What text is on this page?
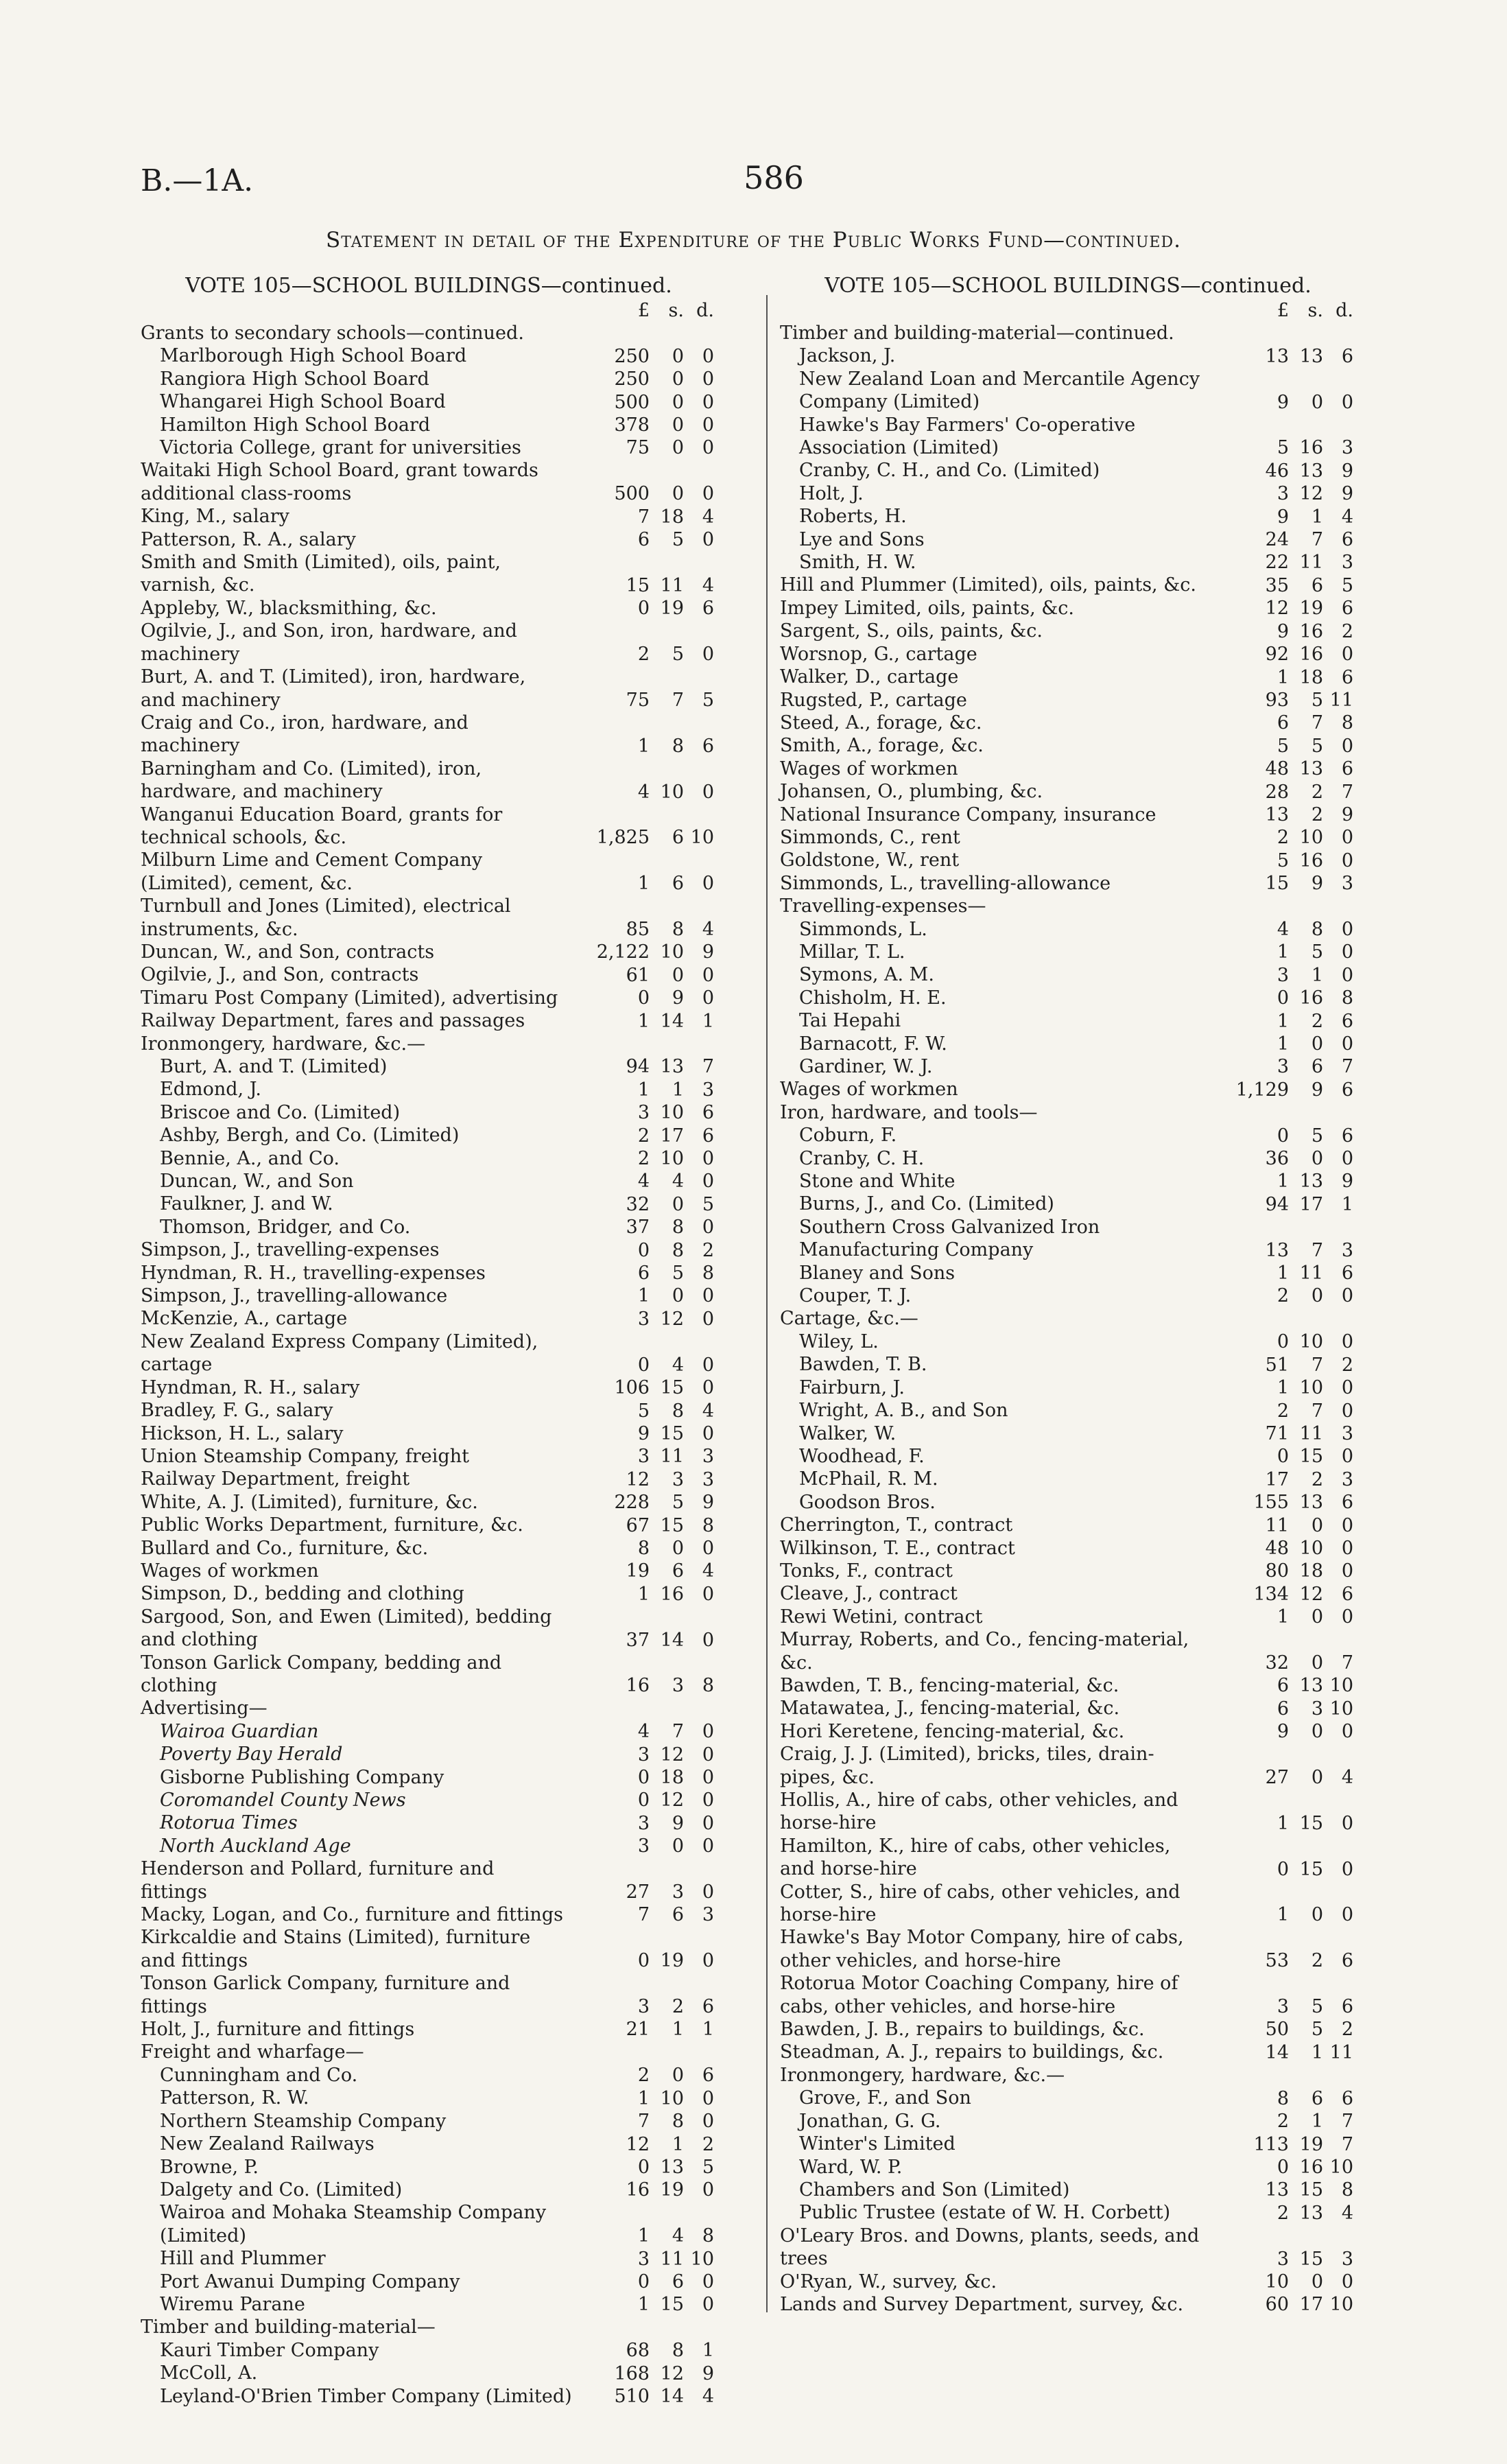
B.—1A.	586
Statement in detail of the Expenditure of the Public Works Fund—continued.
VOTE 105—SCHOOL BUILDINGS—continued.
£	s. d.
Grants to secondary schools—continued.
Marlborough High School Board	250	0 0
Rangiora High School Board	250	0 0
Whangarei High School Board	500	0 0
Hamilton High School Board	378	0 0
Victoria College, grant for universities	75	0 0
Waitaki High School Board, grant towards additional class-rooms	500	0 0
King, M., salary	7 18 4
Patterson, R. A., salary	6	5 0
Smith and Smith (Limited), oils, paint, varnish, &c.	15 11 4
Appleby, W., blacksmithing, &c.	0 19 6
Ogilvie, J., and Son, iron, hardware, and machinery	2	5 0
Burt, A. and T. (Limited), iron, hardware, and machinery	75	7 5
Craig and Co., iron, hardware, and machinery	1	8 6
Barningham and Co. (Limited), iron, hardware, and machinery	4 10 0
Wanganui Education Board, grants for technical schools, &c.	1,825	6 10
Milburn Lime and Cement Company (Limited), cement, &c.	1	6 0
Turnbull and Jones (Limited), electrical instruments, &c.	85	8 4
Duncan, W., and Son, contracts	2,122 10 9
Ogilvie, J., and Son, contracts	61	0 0
Timaru Post Company (Limited), advertising	0	9 0
Railway Department, fares and passages	1 14 1
Ironmongery, hardware, &c.—
Burt, A. and T. (Limited)	94 13 7
Edmond, J.	1	1 3
Briscoe and Co. (Limited)	3 10 6
Ashby, Bergh, and Co. (Limited)	2 17 6
Bennie, A., and Co.	2 10 0
Duncan, W., and Son	4	4 0
Faulkner, J. and W.	32	0 5
Thomson, Bridger, and Co.	37	8 0
Simpson, J., travelling-expenses	0	8 2
Hyndman, R. H., travelling-expenses	6	5 8
Simpson, J., travelling-allowance	1	0 0
McKenzie, A., cartage	3 12 0
New Zealand Express Company (Limited), cartage	0	4 0
Hyndman, R. H., salary	106 15 0
Bradley, F. G., salary	5	8 4
Hickson, H. L., salary	9 15 0
Union Steamship Company, freight	3 11 3
Railway Department, freight	12	3 3
White, A. J. (Limited), furniture, &c.	228	5 9
Public Works Department, furniture, &c.	67 15 8
Bullard and Co., furniture, &c.	8	0 0
Wages of workmen	19	6 4
Simpson, D., bedding and clothing	1 16 0
Sargood, Son, and Ewen (Limited), bedding and clothing	37 14 0
Tonson Garlick Company, bedding and clothing	16	3 8
Advertising—
Wairoa Guardian	4	7 0
Poverty Bay Herald	3 12 0
Gisborne Publishing Company	0 18 0
Coromandel County News	0 12 0
Rotorua Times	3	9 0
North Auckland Age	3	0 0
Henderson and Pollard, furniture and fittings	27	3 0
Macky, Logan, and Co., furniture and fittings	7	6 3
Kirkcaldie and Stains (Limited), furniture and fittings	0 19 0
Tonson Garlick Company, furniture and fittings	3	2 6
Holt, J., furniture and fittings	21	1 1
Freight and wharfage—
Cunningham and Co.	2	0 6
Patterson, R. W.	1 10 0
Northern Steamship Company	7	8 0
New Zealand Railways	12	1 2
Browne, P.	0 13 5
Dalgety and Co. (Limited)	16 19 0
Wairoa and Mohaka Steamship Company (Limited)	1	4 8
Hill and Plummer	3 11 10
Port Awanui Dumping Company	0	6 0
Wiremu Parane	1 15 0
Timber and building-material—
Kauri Timber Company	68	8 1
McColl, A.	168 12 9
Leyland-O'Brien Timber Company (Limited)	510 14 4
VOTE 105—SCHOOL BUILDINGS—continued.
£	s. d.
Timber and building-material—continued.
Jackson, J.	13 13 6
New Zealand Loan and Mercantile Agency Company (Limited)	9	0 0
Hawke's Bay Farmers' Co-operative Association (Limited)	5 16 3
Cranby, C. H., and Co. (Limited)	46 13 9
Holt, J.	3 12 9
Roberts, H.	9	1 4
Lye and Sons	24	7 6
Smith, H. W.	22 11 3
Hill and Plummer (Limited), oils, paints, &c.	35	6 5
Impey Limited, oils, paints, &c.	12 19 6
Sargent, S., oils, paints, &c.	9 16 2
Worsnop, G., cartage	92 16 0
Walker, D., cartage	1 18 6
Rugsted, P., cartage	93	5 11
Steed, A., forage, &c.	6	7 8
Smith, A., forage, &c.	5	5 0
Wages of workmen	48 13 6
Johansen, O., plumbing, &c.	28	2 7
National Insurance Company, insurance	13	2 9
Simmonds, C., rent	2 10 0
Goldstone, W., rent	5 16 0
Simmonds, L., travelling-allowance	15	9 3
Travelling-expenses—
Simmonds, L.	4	8 0
Millar, T. L.	1	5 0
Symons, A. M.	3	1 0
Chisholm, H. E.	0 16 8
Tai Hepahi	1	2 6
Barnacott, F. W.	1	0 0
Gardiner, W. J.	3	6 7
Wages of workmen	1,129	9 6
Iron, hardware, and tools—
Coburn, F.	0	5 6
Cranby, C. H.	36	0 0
Stone and White	1 13 9
Burns, J., and Co. (Limited)	94 17 1
Southern Cross Galvanized Iron Manufacturing Company	13	7 3
Blaney and Sons	1 11 6
Couper, T. J.	2	0 0
Cartage, &c.—
Wiley, L.	0 10 0
Bawden, T. B.	51	7 2
Fairburn, J.	1 10 0
Wright, A. B., and Son	2	7 0
Walker, W.	71 11 3
Woodhead, F.	0 15 0
McPhail, R. M.	17	2 3
Goodson Bros.	155 13 6
Cherrington, T., contract	11	0 0
Wilkinson, T. E., contract	48 10 0
Tonks, F., contract	80 18 0
Cleave, J., contract	134 12 6
Rewi Wetini, contract	1	0 0
Murray, Roberts, and Co., fencing-material, &c.	32	0 7
Bawden, T. B., fencing-material, &c.	6 13 10
Matawatea, J., fencing-material, &c.	6	3 10
Hori Keretene, fencing-material, &c.	9	0 0
Craig, J. J. (Limited), bricks, tiles, drain-pipes, &c.	27	0 4
Hollis, A., hire of cabs, other vehicles, and horse-hire	1 15 0
Hamilton, K., hire of cabs, other vehicles, and horse-hire	0 15 0
Cotter, S., hire of cabs, other vehicles, and horse-hire	1	0 0
Hawke's Bay Motor Company, hire of cabs, other vehicles, and horse-hire	53	2 6
Rotorua Motor Coaching Company, hire of cabs, other vehicles, and horse-hire	3	5 6
Bawden, J. B., repairs to buildings, &c.	50	5 2
Steadman, A. J., repairs to buildings, &c.	14	1 11
Ironmongery, hardware, &c.—
Grove, F., and Son	8	6 6
Jonathan, G. G.	2	1 7
Winter's Limited	113 19 7
Ward, W. P.	0 16 10
Chambers and Son (Limited)	13 15 8
Public Trustee (estate of W. H. Corbett)	2 13 4
O'Leary Bros. and Downs, plants, seeds, and trees	3 15 3
O'Ryan, W., survey, &c.	10	0 0
Lands and Survey Department, survey, &c.	60 17 10
